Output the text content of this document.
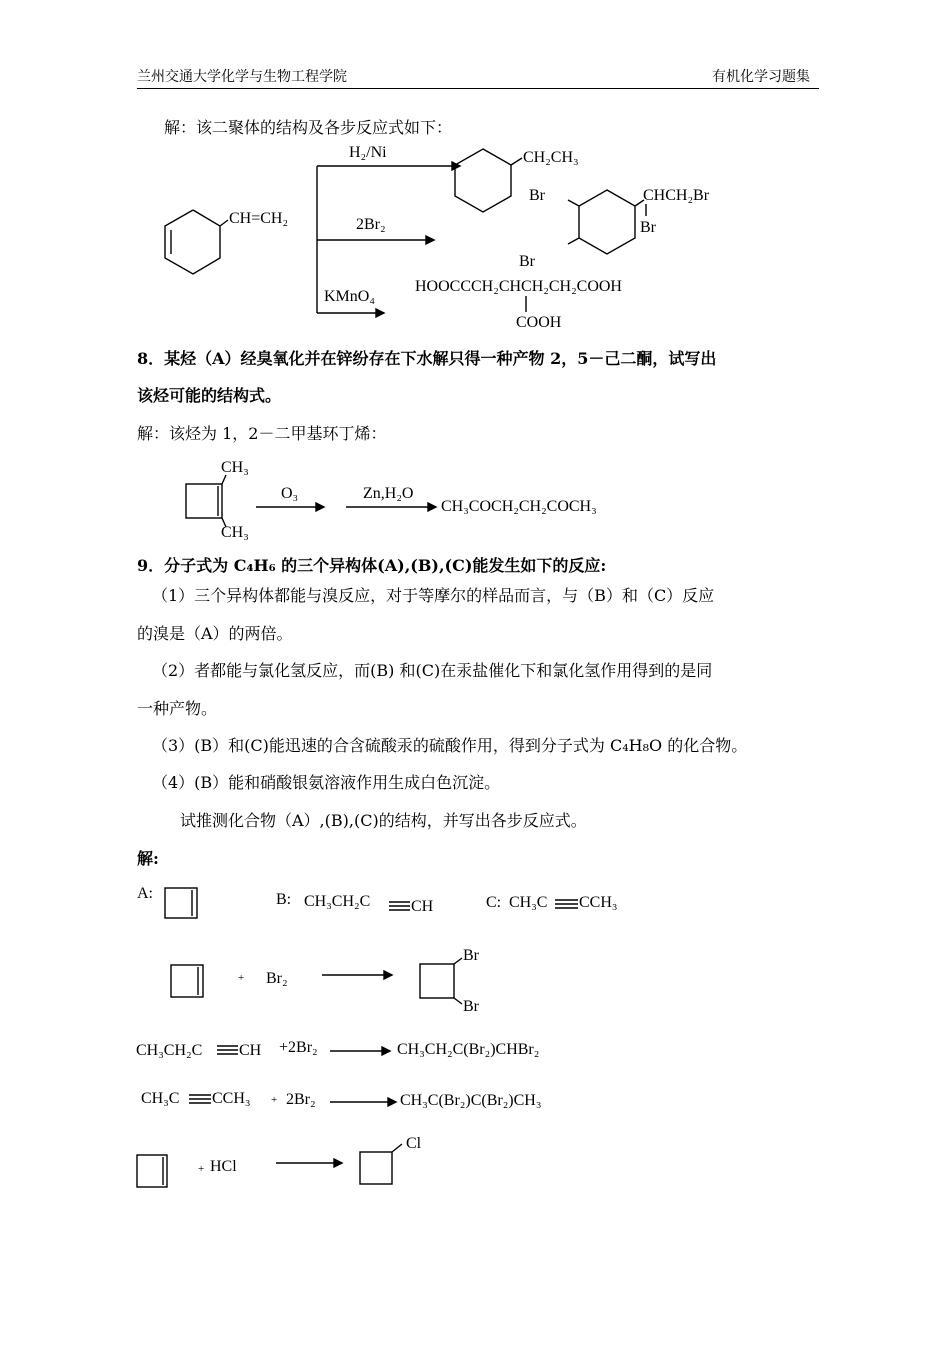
兰州交通大学化学与生物工程学院	有机化学习题集
解：该二聚体的结构及各步反应式如下：
H₂/Ni
2Br₂
KMnO₄
CH=CH₂
CH₂CH₃
Br	CHCH₂Br
Br
Br
HOOCCCH₂CHCH₂CH₂COOH
COOH
8．某烃（A）经臭氧化并在锌纷存在下水解只得一种产物 2，5－己二酮，试写出
该烃可能的结构式。
解：该烃为 1，2－二甲基环丁烯：
CH₃
CH₃
O₃	Zn,H₂O
CH₃COCH₂CH₂COCH₃
9．分子式为 C₄H₆ 的三个异构体(A),(B),(C)能发生如下的反应:
（1）三个异构体都能与溴反应，对于等摩尔的样品而言，与（B）和（C）反应
的溴是（A）的两倍。
（2）者都能与氯化氢反应，而(B) 和(C)在汞盐催化下和氯化氢作用得到的是同
一种产物。
（3）(B）和(C)能迅速的合含硫酸汞的硫酸作用，得到分子式为 C₄H₈O 的化合物。
（4）(B）能和硝酸银氨溶液作用生成白色沉淀。
试推测化合物（A）,(B),(C)的结构，并写出各步反应式。
解:
A:	B: CH₃CH₂C	CH	C: CH₃C CCH₃
+ Br₂
Br
Br
CH₃CH₂C CH +2Br₂	CH₃CH₂C(Br₂)CHBr₂
CH₃C CCH₃ + 2Br₂	CH₃C(Br₂)C(Br₂)CH₃
+ HCl
Cl
